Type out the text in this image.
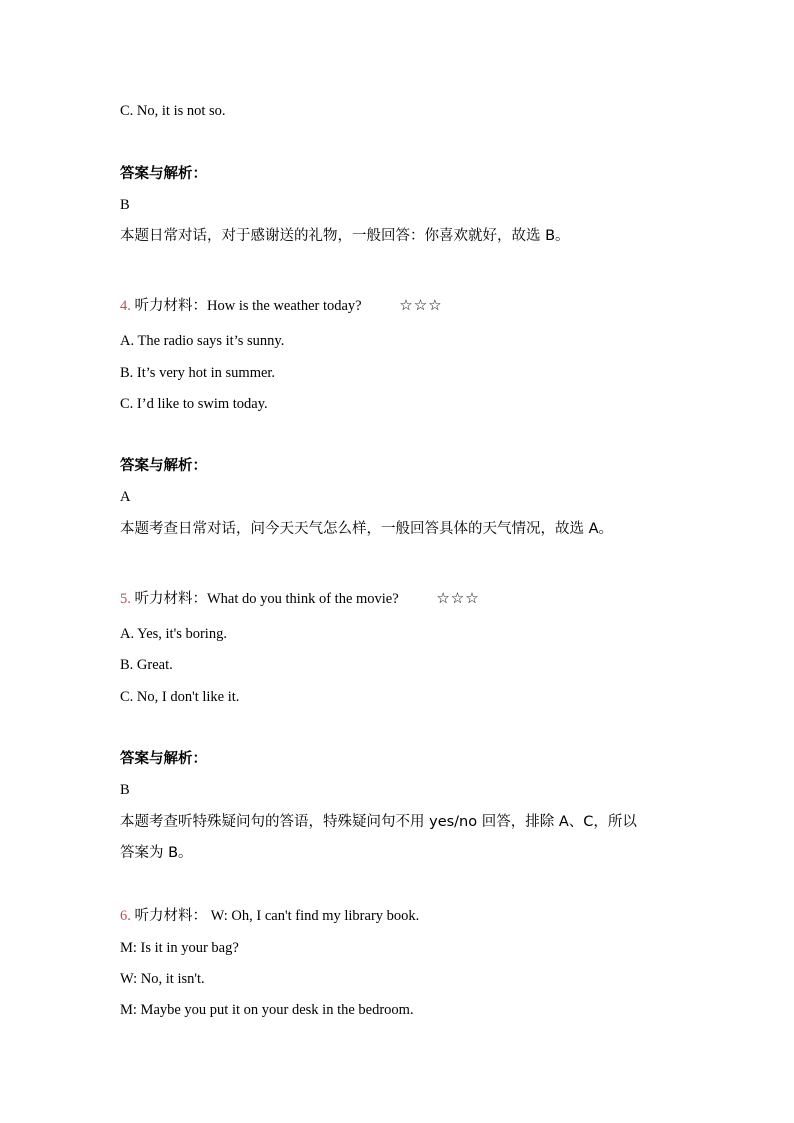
C. No, it is not so.
答案与解析：
B
本题日常对话，对于感谢送的礼物，一般回答：你喜欢就好，故选 B。
4. 听力材料：How is the weather today?	☆☆☆
A. The radio says it’s sunny.
B. It’s very hot in summer.
C. I’d like to swim today.
答案与解析：
A
本题考查日常对话，问今天天气怎么样，一般回答具体的天气情况，故选 A。
5. 听力材料：What do you think of the movie?	☆☆☆
A. Yes, it's boring.
B. Great.
C. No, I don't like it.
答案与解析：
B
本题考查听特殊疑问句的答语，特殊疑问句不用 yes/no 回答，排除 A、C，所以
答案为 B。
6. 听力材料： W: Oh, I can't find my library book.
M: Is it in your bag?
W: No, it isn't.
M: Maybe you put it on your desk in the bedroom.
